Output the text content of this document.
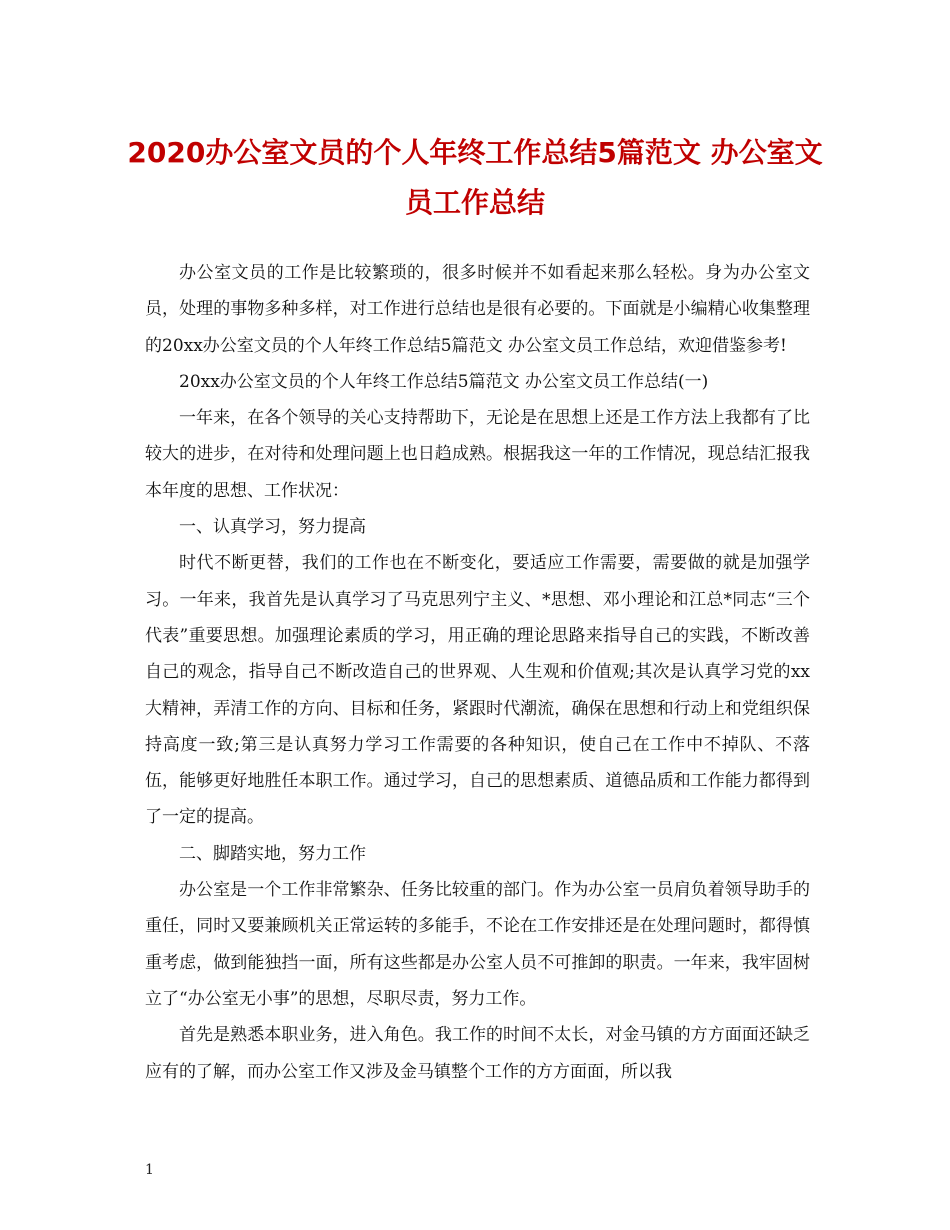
2020办公室文员的个人年终工作总结5篇范文 办公室文员工作总结

办公室文员的工作是比较繁琐的，很多时候并不如看起来那么轻松。身为办公室文员，处理的事物多种多样，对工作进行总结也是很有必要的。下面就是小编精心收集整理的20xx办公室文员的个人年终工作总结5篇范文 办公室文员工作总结，欢迎借鉴参考!

20xx办公室文员的个人年终工作总结5篇范文 办公室文员工作总结(一)

一年来，在各个领导的关心支持帮助下，无论是在思想上还是工作方法上我都有了比较大的进步，在对待和处理问题上也日趋成熟。根据我这一年的工作情况，现总结汇报我本年度的思想、工作状况：

一、认真学习，努力提高

时代不断更替，我们的工作也在不断变化，要适应工作需要，需要做的就是加强学习。一年来，我首先是认真学习了马克思列宁主义、*思想、邓小理论和江总*同志“三个代表”重要思想。加强理论素质的学习，用正确的理论思路来指导自己的实践，不断改善自己的观念，指导自己不断改造自己的世界观、人生观和价值观;其次是认真学习党的xx大精神，弄清工作的方向、目标和任务，紧跟时代潮流，确保在思想和行动上和党组织保持高度一致;第三是认真努力学习工作需要的各种知识，使自己在工作中不掉队、不落伍，能够更好地胜任本职工作。通过学习，自己的思想素质、道德品质和工作能力都得到了一定的提高。

二、脚踏实地，努力工作

办公室是一个工作非常繁杂、任务比较重的部门。作为办公室一员肩负着领导助手的重任，同时又要兼顾机关正常运转的多能手，不论在工作安排还是在处理问题时，都得慎重考虑，做到能独挡一面，所有这些都是办公室人员不可推卸的职责。一年来，我牢固树立了“办公室无小事”的思想，尽职尽责，努力工作。

首先是熟悉本职业务，进入角色。我工作的时间不太长，对金马镇的方方面面还缺乏应有的了解，而办公室工作又涉及金马镇整个工作的方方面面，所以我

1
